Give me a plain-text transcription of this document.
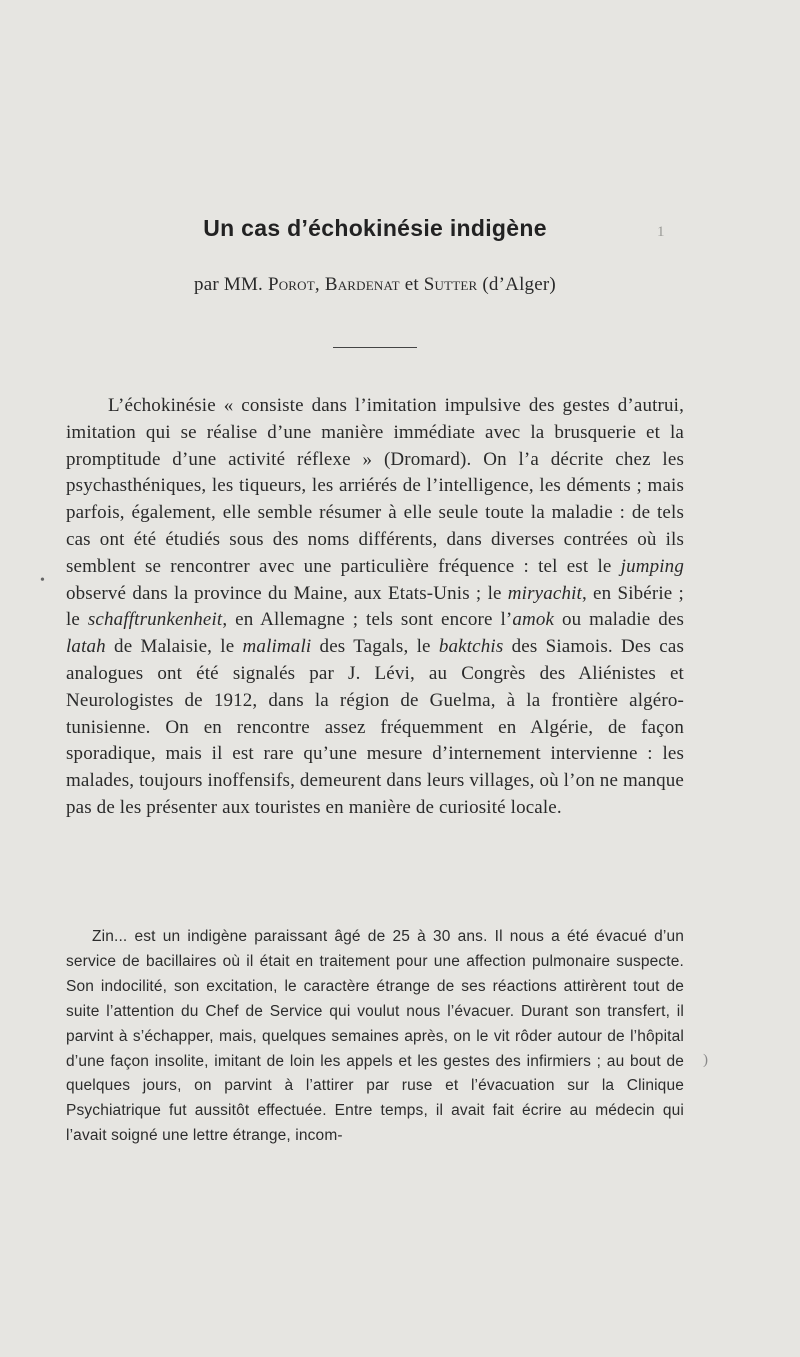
Un cas d’échokinésie indigène	1
par MM. Porot, Bardenat et Sutter (d’Alger)
•

L’échokinésie « consiste dans l’imitation impulsive des gestes d’autrui, imitation qui se réalise d’une manière immédiate avec la brusquerie et la promptitude d’une activité réflexe » (Dromard). On l’a décrite chez les psychasthéniques, les tiqueurs, les arriérés de l’intelligence, les déments ; mais parfois, également, elle semble résumer à elle seule toute la maladie : de tels cas ont été étudiés sous des noms différents, dans diverses contrées où ils semblent se rencontrer avec une particulière fréquence : tel est le jumping observé dans la province du Maine, aux Etats-Unis ; le miryachit, en Sibérie ; le schafftrunkenheit, en Allemagne ; tels sont encore l’amok ou maladie des latah de Malaisie, le malimali des Tagals, le baktchis des Siamois. Des cas analogues ont été signalés par J. Lévi, au Congrès des Aliénistes et Neurologistes de 1912, dans la région de Guelma, à la frontière algéro-tunisienne. On en rencontre assez fréquemment en Algérie, de façon sporadique, mais il est rare qu’une mesure d’internement intervienne : les malades, toujours inoffensifs, demeurent dans leurs villages, où l’on ne manque pas de les présenter aux touristes en manière de curiosité locale.

)

Zin... est un indigène paraissant âgé de 25 à 30 ans. Il nous a été évacué d’un service de bacillaires où il était en traitement pour une affection pulmonaire suspecte. Son indocilité, son excitation, le caractère étrange de ses réactions attirèrent tout de suite l’attention du Chef de Service qui voulut nous l’évacuer. Durant son transfert, il parvint à s’échapper, mais, quelques semaines après, on le vit rôder autour de l’hôpital d’une façon insolite, imitant de loin les appels et les gestes des infirmiers ; au bout de quelques jours, on parvint à l’attirer par ruse et l’évacuation sur la Clinique Psychiatrique fut aussitôt effectuée. Entre temps, il avait fait écrire au médecin qui l’avait soigné une lettre étrange, incom-
